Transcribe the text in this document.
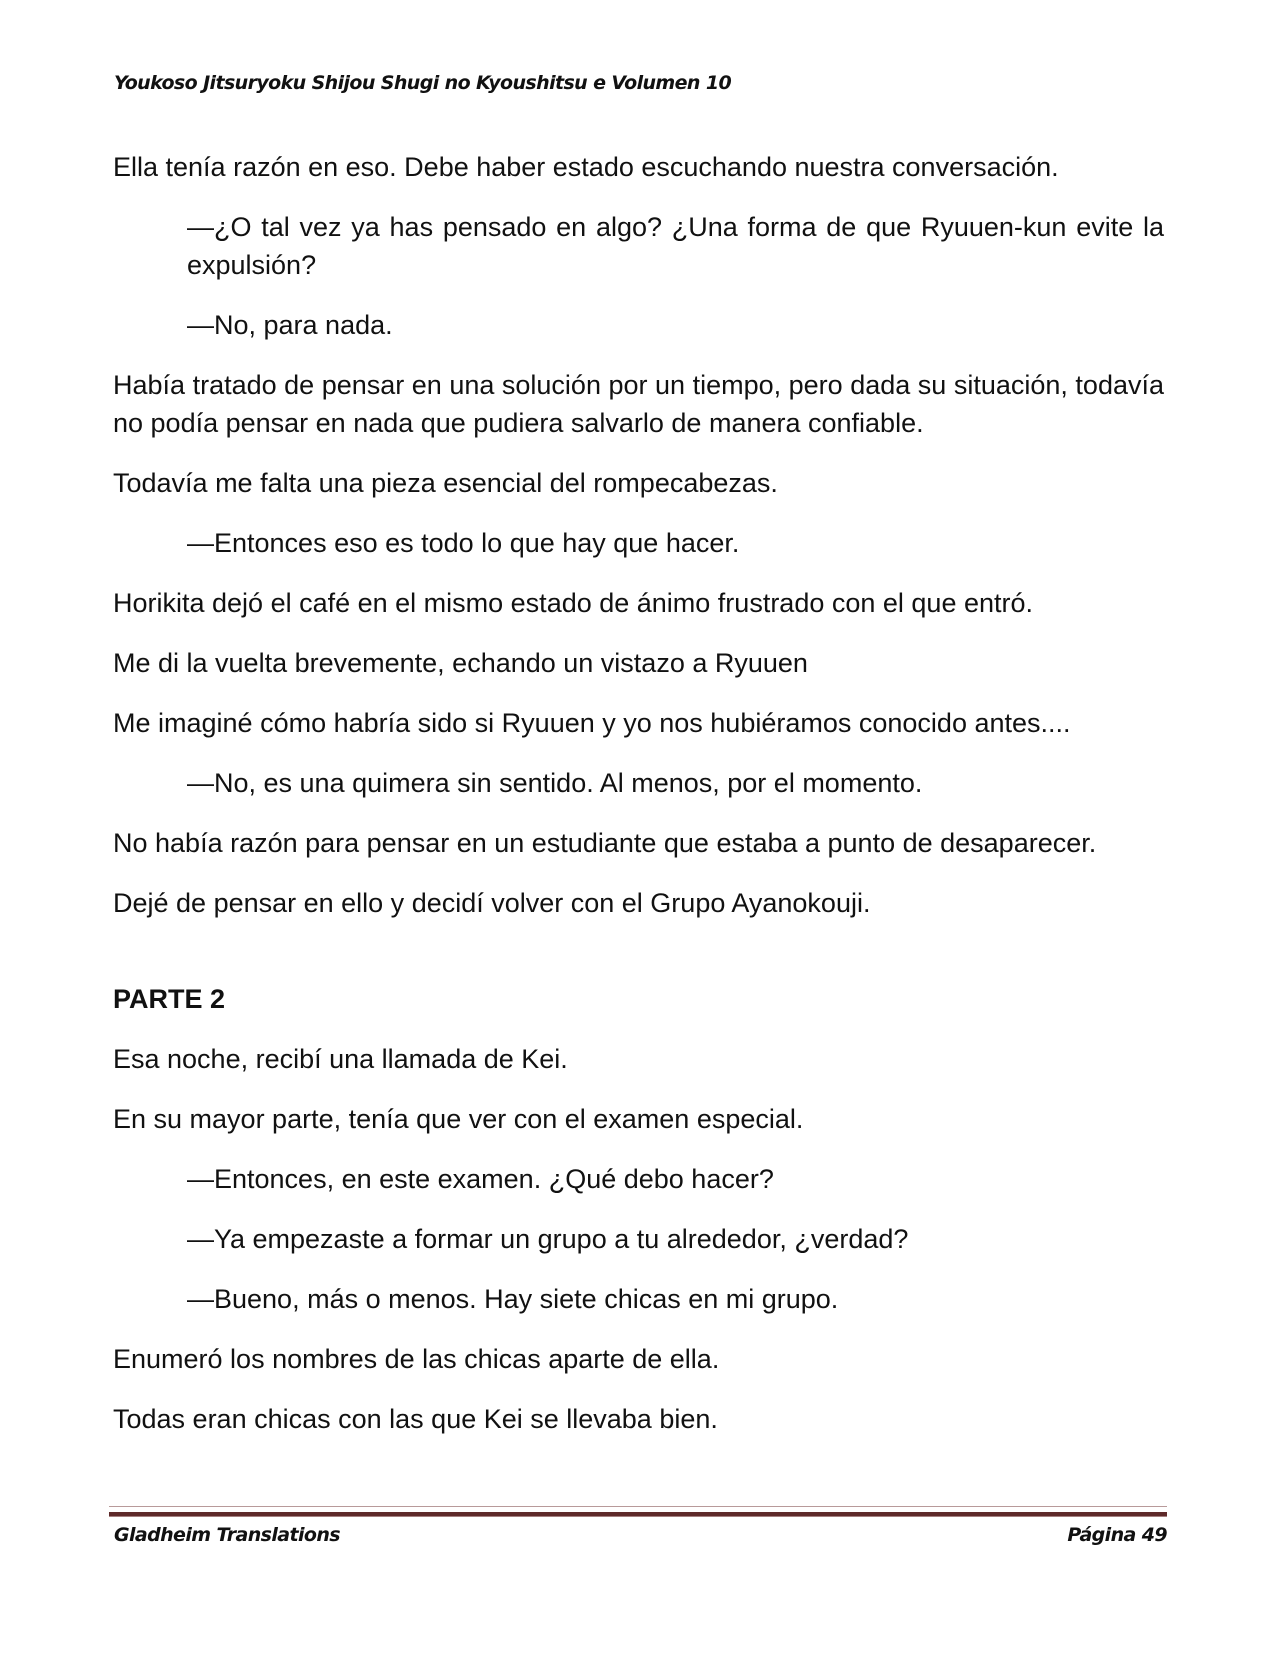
Youkoso Jitsuryoku Shijou Shugi no Kyoushitsu e Volumen 10

Ella tenía razón en eso. Debe haber estado escuchando nuestra conversación.

—¿O tal vez ya has pensado en algo? ¿Una forma de que Ryuuen-kun evite la expulsión?

—No, para nada.

Había tratado de pensar en una solución por un tiempo, pero dada su situación, todavía no podía pensar en nada que pudiera salvarlo de manera confiable.

Todavía me falta una pieza esencial del rompecabezas.

—Entonces eso es todo lo que hay que hacer.

Horikita dejó el café en el mismo estado de ánimo frustrado con el que entró.

Me di la vuelta brevemente, echando un vistazo a Ryuuen

Me imaginé cómo habría sido si Ryuuen y yo nos hubiéramos conocido antes....

—No, es una quimera sin sentido. Al menos, por el momento.

No había razón para pensar en un estudiante que estaba a punto de desaparecer.

Dejé de pensar en ello y decidí volver con el Grupo Ayanokouji.

PARTE 2

Esa noche, recibí una llamada de Kei.

En su mayor parte, tenía que ver con el examen especial.

—Entonces, en este examen. ¿Qué debo hacer?

—Ya empezaste a formar un grupo a tu alrededor, ¿verdad?

—Bueno, más o menos. Hay siete chicas en mi grupo.

Enumeró los nombres de las chicas aparte de ella.

Todas eran chicas con las que Kei se llevaba bien.

Gladheim Translations	Página 49
